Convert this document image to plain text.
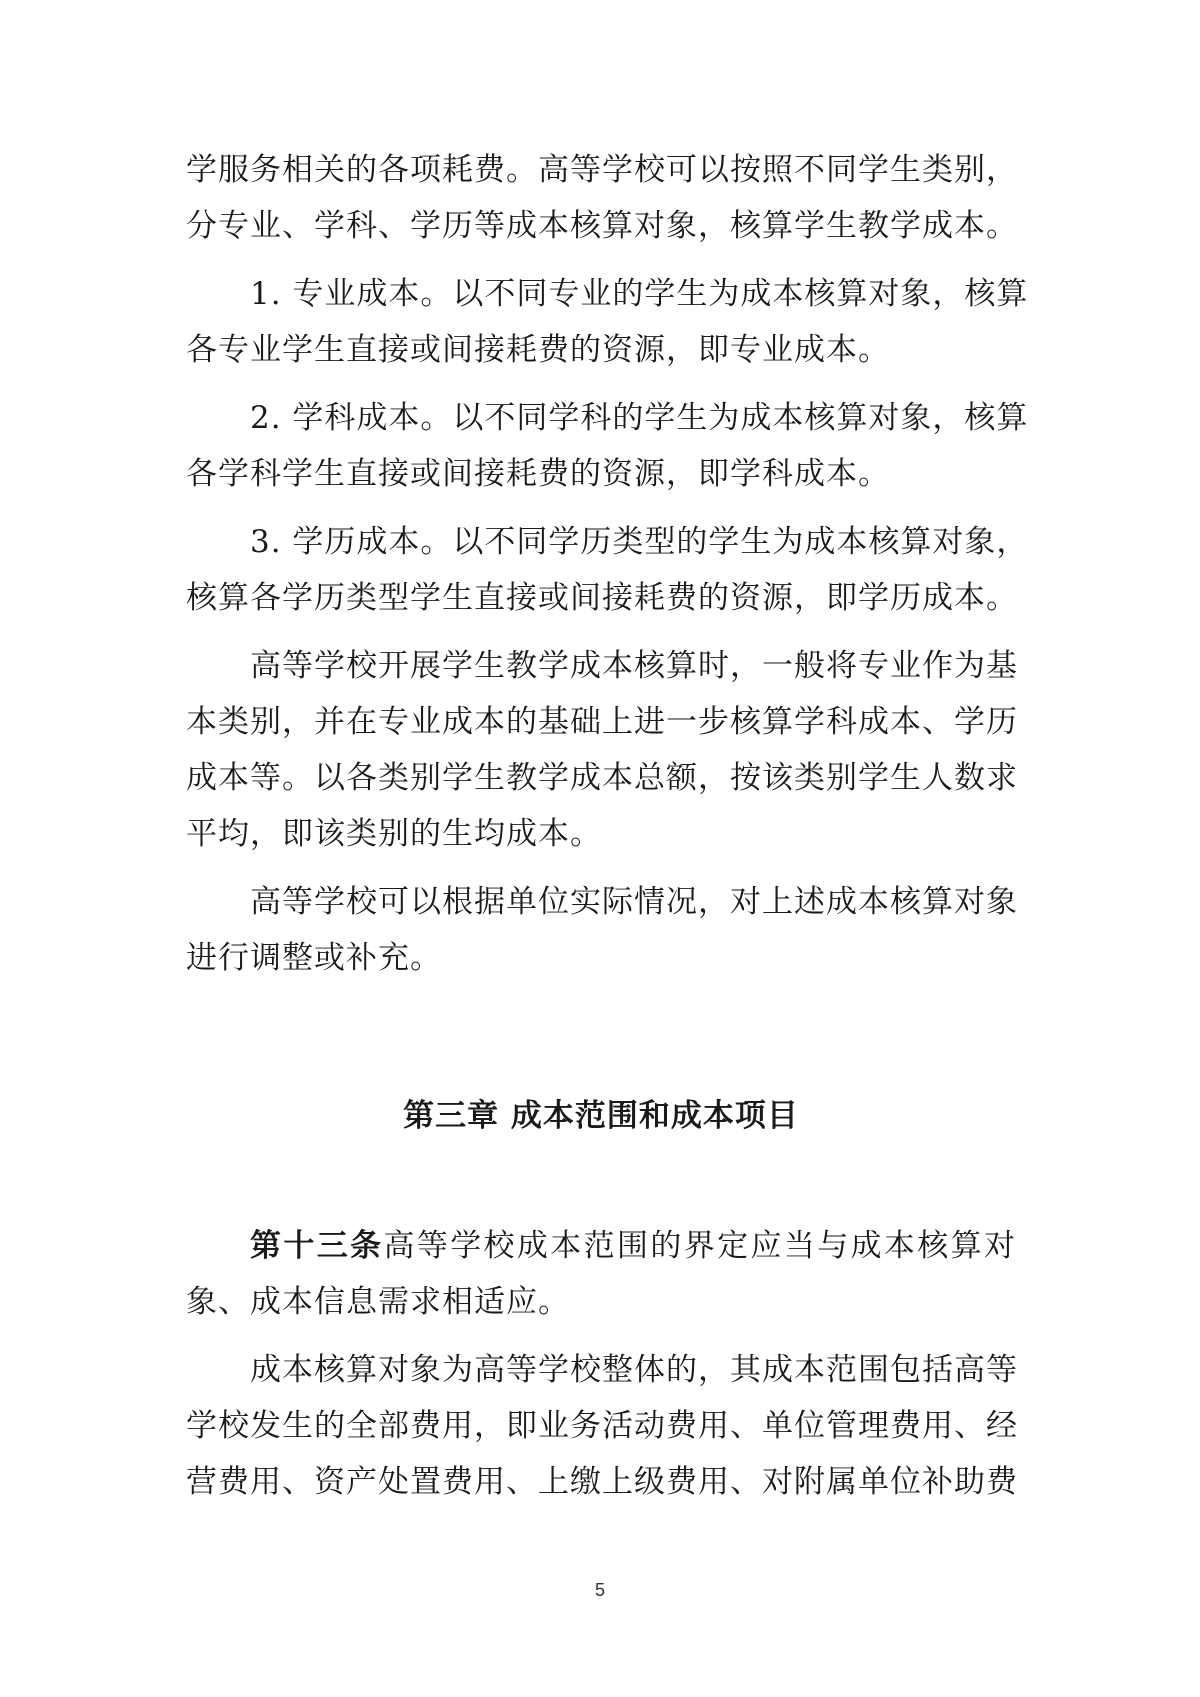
学服务相关的各项耗费。高等学校可以按照不同学生类别，
分专业、学科、学历等成本核算对象，核算学生教学成本。
1. 专业成本。以不同专业的学生为成本核算对象，核算
各专业学生直接或间接耗费的资源，即专业成本。
2. 学科成本。以不同学科的学生为成本核算对象，核算
各学科学生直接或间接耗费的资源，即学科成本。
3. 学历成本。以不同学历类型的学生为成本核算对象，
核算各学历类型学生直接或间接耗费的资源，即学历成本。
高等学校开展学生教学成本核算时，一般将专业作为基
本类别，并在专业成本的基础上进一步核算学科成本、学历
成本等。以各类别学生教学成本总额，按该类别学生人数求
平均，即该类别的生均成本。
高等学校可以根据单位实际情况，对上述成本核算对象
进行调整或补充。
第三章 成本范围和成本项目
第十三条高等学校成本范围的界定应当与成本核算对
象、成本信息需求相适应。
成本核算对象为高等学校整体的，其成本范围包括高等
学校发生的全部费用，即业务活动费用、单位管理费用、经
营费用、资产处置费用、上缴上级费用、对附属单位补助费
5
